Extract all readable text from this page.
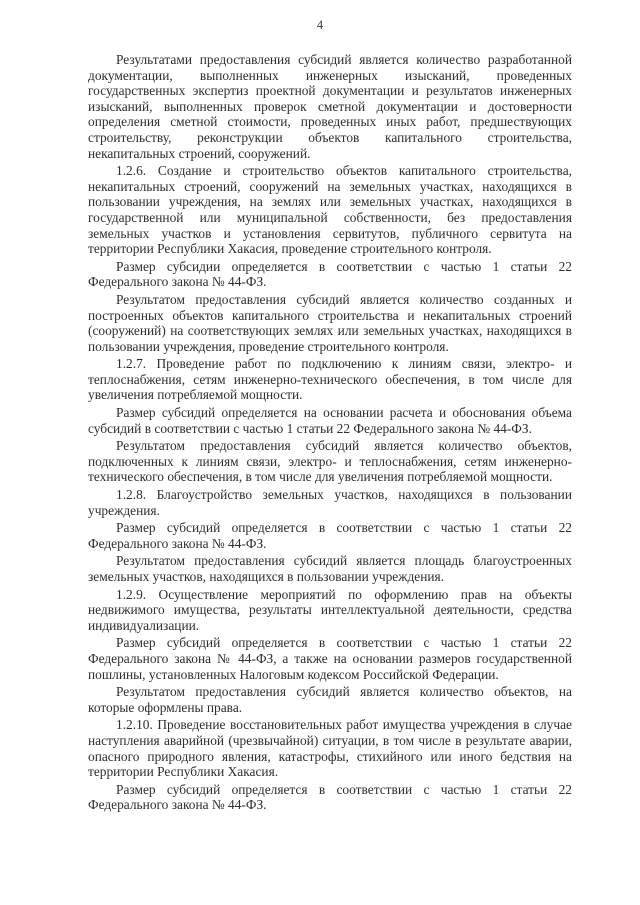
4

Результатами предоставления субсидий является количество разработанной документации, выполненных инженерных изысканий, проведенных государственных экспертиз проектной документации и результатов инженерных изысканий, выполненных проверок сметной документации и достоверности определения сметной стоимости, проведенных иных работ, предшествующих строительству, реконструкции объектов капитального строительства, некапитальных строений, сооружений.

1.2.6. Создание и строительство объектов капитального строительства, некапитальных строений, сооружений на земельных участках, находящихся в пользовании учреждения, на землях или земельных участках, находящихся в государственной или муниципальной собственности, без предоставления земельных участков и установления сервитутов, публичного сервитута на территории Республики Хакасия, проведение строительного контроля.

Размер субсидии определяется в соответствии с частью 1 статьи 22 Федерального закона № 44-ФЗ.

Результатом предоставления субсидий является количество созданных и построенных объектов капитального строительства и некапитальных строений (сооружений) на соответствующих землях или земельных участках, находящихся в пользовании учреждения, проведение строительного контроля.

1.2.7. Проведение работ по подключению к линиям связи, электро- и теплоснабжения, сетям инженерно-технического обеспечения, в том числе для увеличения потребляемой мощности.

Размер субсидий определяется на основании расчета и обоснования объема субсидий в соответствии с частью 1 статьи 22 Федерального закона № 44-ФЗ.

Результатом предоставления субсидий является количество объектов, подключенных к линиям связи, электро- и теплоснабжения, сетям инженерно-технического обеспечения, в том числе для увеличения потребляемой мощности.

1.2.8. Благоустройство земельных участков, находящихся в пользовании учреждения.

Размер субсидий определяется в соответствии с частью 1 статьи 22 Федерального закона № 44-ФЗ.

Результатом предоставления субсидий является площадь благоустроенных земельных участков, находящихся в пользовании учреждения.

1.2.9. Осуществление мероприятий по оформлению прав на объекты недвижимого имущества, результаты интеллектуальной деятельности, средства индивидуализации.

Размер субсидий определяется в соответствии с частью 1 статьи 22 Федерального закона № 44-ФЗ, а также на основании размеров государственной пошлины, установленных Налоговым кодексом Российской Федерации.

Результатом предоставления субсидий является количество объектов, на которые оформлены права.

1.2.10. Проведение восстановительных работ имущества учреждения в случае наступления аварийной (чрезвычайной) ситуации, в том числе в результате аварии, опасного природного явления, катастрофы, стихийного или иного бедствия на территории Республики Хакасия.

Размер субсидий определяется в соответствии с частью 1 статьи 22 Федерального закона № 44-ФЗ.
